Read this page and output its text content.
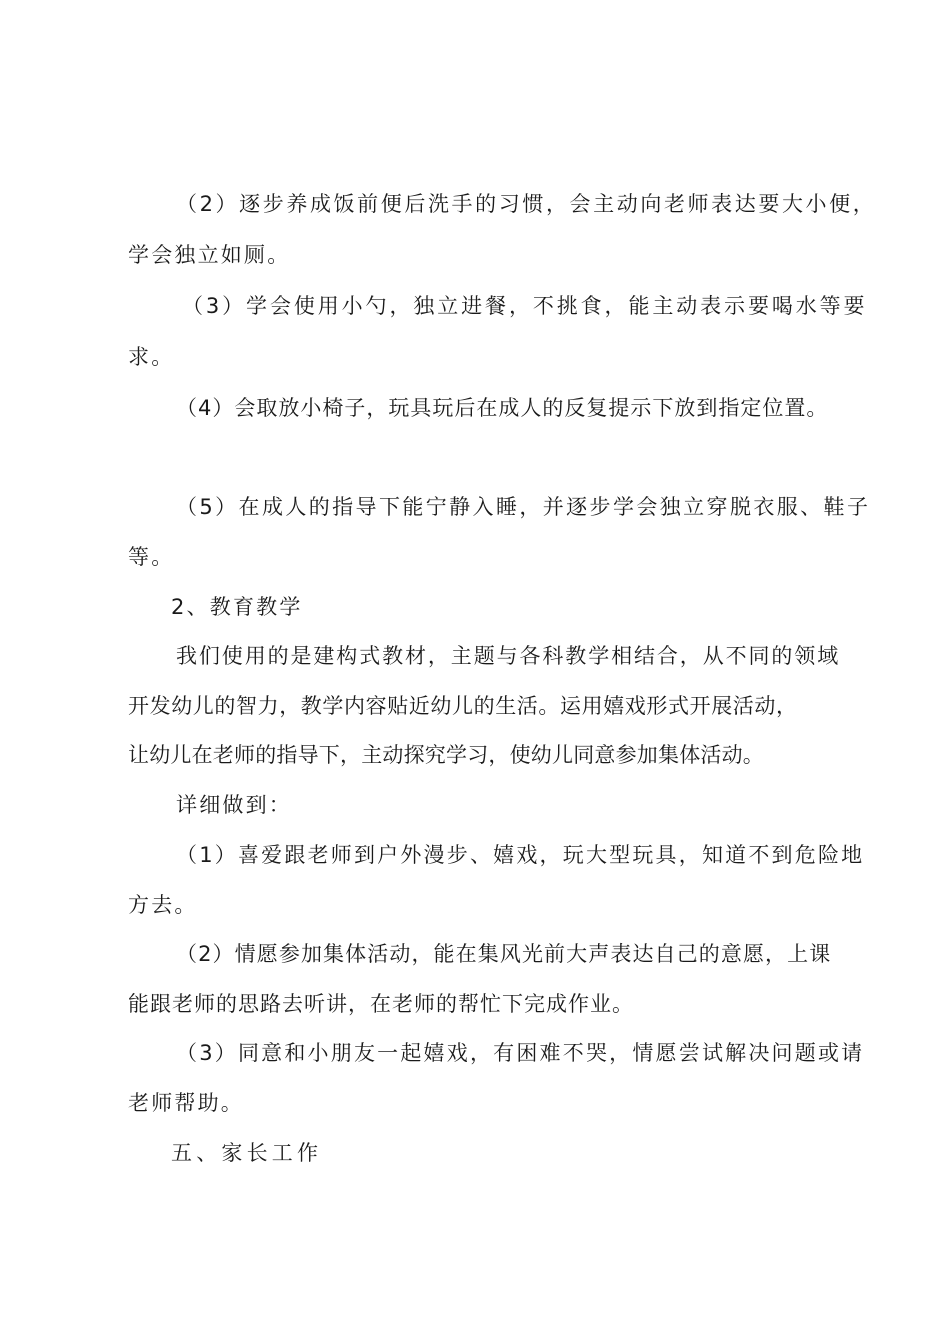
（2）逐步养成饭前便后洗手的习惯，会主动向老师表达要大小便，
学会独立如厕。
（3）学会使用小勺，独立进餐，不挑食，能主动表示要喝水等要
求。
（4）会取放小椅子，玩具玩后在成人的反复提示下放到指定位置。
（5）在成人的指导下能宁静入睡，并逐步学会独立穿脱衣服、鞋子
等。
2、教育教学
我们使用的是建构式教材，主题与各科教学相结合，从不同的领域
开发幼儿的智力，教学内容贴近幼儿的生活。运用嬉戏形式开展活动，
让幼儿在老师的指导下，主动探究学习，使幼儿同意参加集体活动。
详细做到：
（1）喜爱跟老师到户外漫步、嬉戏，玩大型玩具，知道不到危险地
方去。
（2）情愿参加集体活动，能在集风光前大声表达自己的意愿，上课
能跟老师的思路去听讲，在老师的帮忙下完成作业。
（3）同意和小朋友一起嬉戏，有困难不哭，情愿尝试解决问题或请
老师帮助。
五、家长工作
